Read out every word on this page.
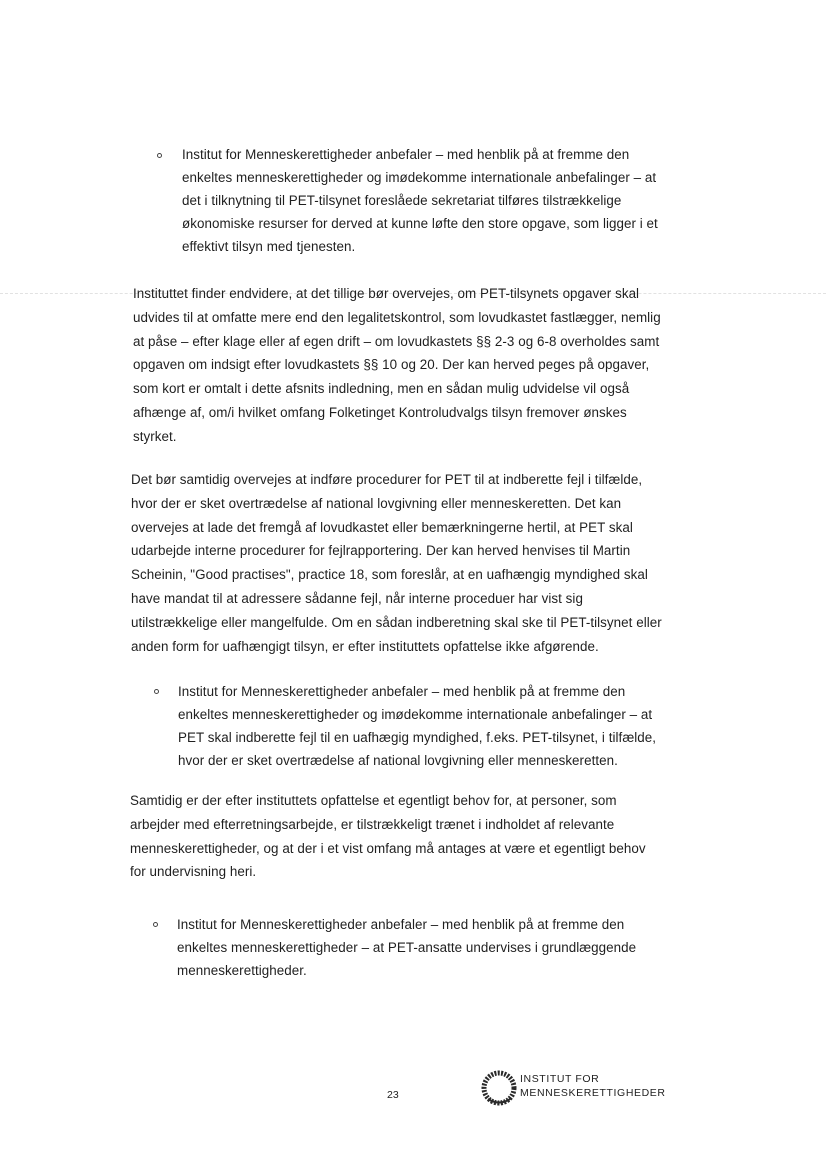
Institut for Menneskerettigheder anbefaler – med henblik på at fremme den
enkeltes menneskerettigheder og imødekomme internationale anbefalinger – at
det i tilknytning til PET-tilsynet foreslåede sekretariat tilføres tilstrækkelige
økonomiske resurser for derved at kunne løfte den store opgave, som ligger i et
effektivt tilsyn med tjenesten.
Instituttet finder endvidere, at det tillige bør overvejes, om PET-tilsynets opgaver skal
udvides til at omfatte mere end den legalitetskontrol, som lovudkastet fastlægger, nemlig
at påse – efter klage eller af egen drift – om lovudkastets §§ 2-3 og 6-8 overholdes samt
opgaven om indsigt efter lovudkastets §§ 10 og 20. Der kan herved peges på opgaver,
som kort er omtalt i dette afsnits indledning, men en sådan mulig udvidelse vil også
afhænge af, om/i hvilket omfang Folketinget Kontroludvalgs tilsyn fremover ønskes
styrket.
Det bør samtidig overvejes at indføre procedurer for PET til at indberette fejl i tilfælde,
hvor der er sket overtrædelse af national lovgivning eller menneskeretten. Det kan
overvejes at lade det fremgå af lovudkastet eller bemærkningerne hertil, at PET skal
udarbejde interne procedurer for fejlrapportering. Der kan herved henvises til Martin
Scheinin, "Good practises", practice 18, som foreslår, at en uafhængig myndighed skal
have mandat til at adressere sådanne fejl, når interne proceduer har vist sig
utilstrækkelige eller mangelfulde. Om en sådan indberetning skal ske til PET-tilsynet eller
anden form for uafhængigt tilsyn, er efter instituttets opfattelse ikke afgørende.
Institut for Menneskerettigheder anbefaler – med henblik på at fremme den
enkeltes menneskerettigheder og imødekomme internationale anbefalinger – at
PET skal indberette fejl til en uafhægig myndighed, f.eks. PET-tilsynet, i tilfælde,
hvor der er sket overtrædelse af national lovgivning eller menneskeretten.
Samtidig er der efter instituttets opfattelse et egentligt behov for, at personer, som
arbejder med efterretningsarbejde, er tilstrækkeligt trænet i indholdet af relevante
menneskerettigheder, og at der i et vist omfang må antages at være et egentligt behov
for undervisning heri.
Institut for Menneskerettigheder anbefaler – med henblik på at fremme den
enkeltes menneskerettigheder – at PET-ansatte undervises i grundlæggende
menneskerettigheder.
23
INSTITUT FOR
MENNESKERETTIGHEDER
